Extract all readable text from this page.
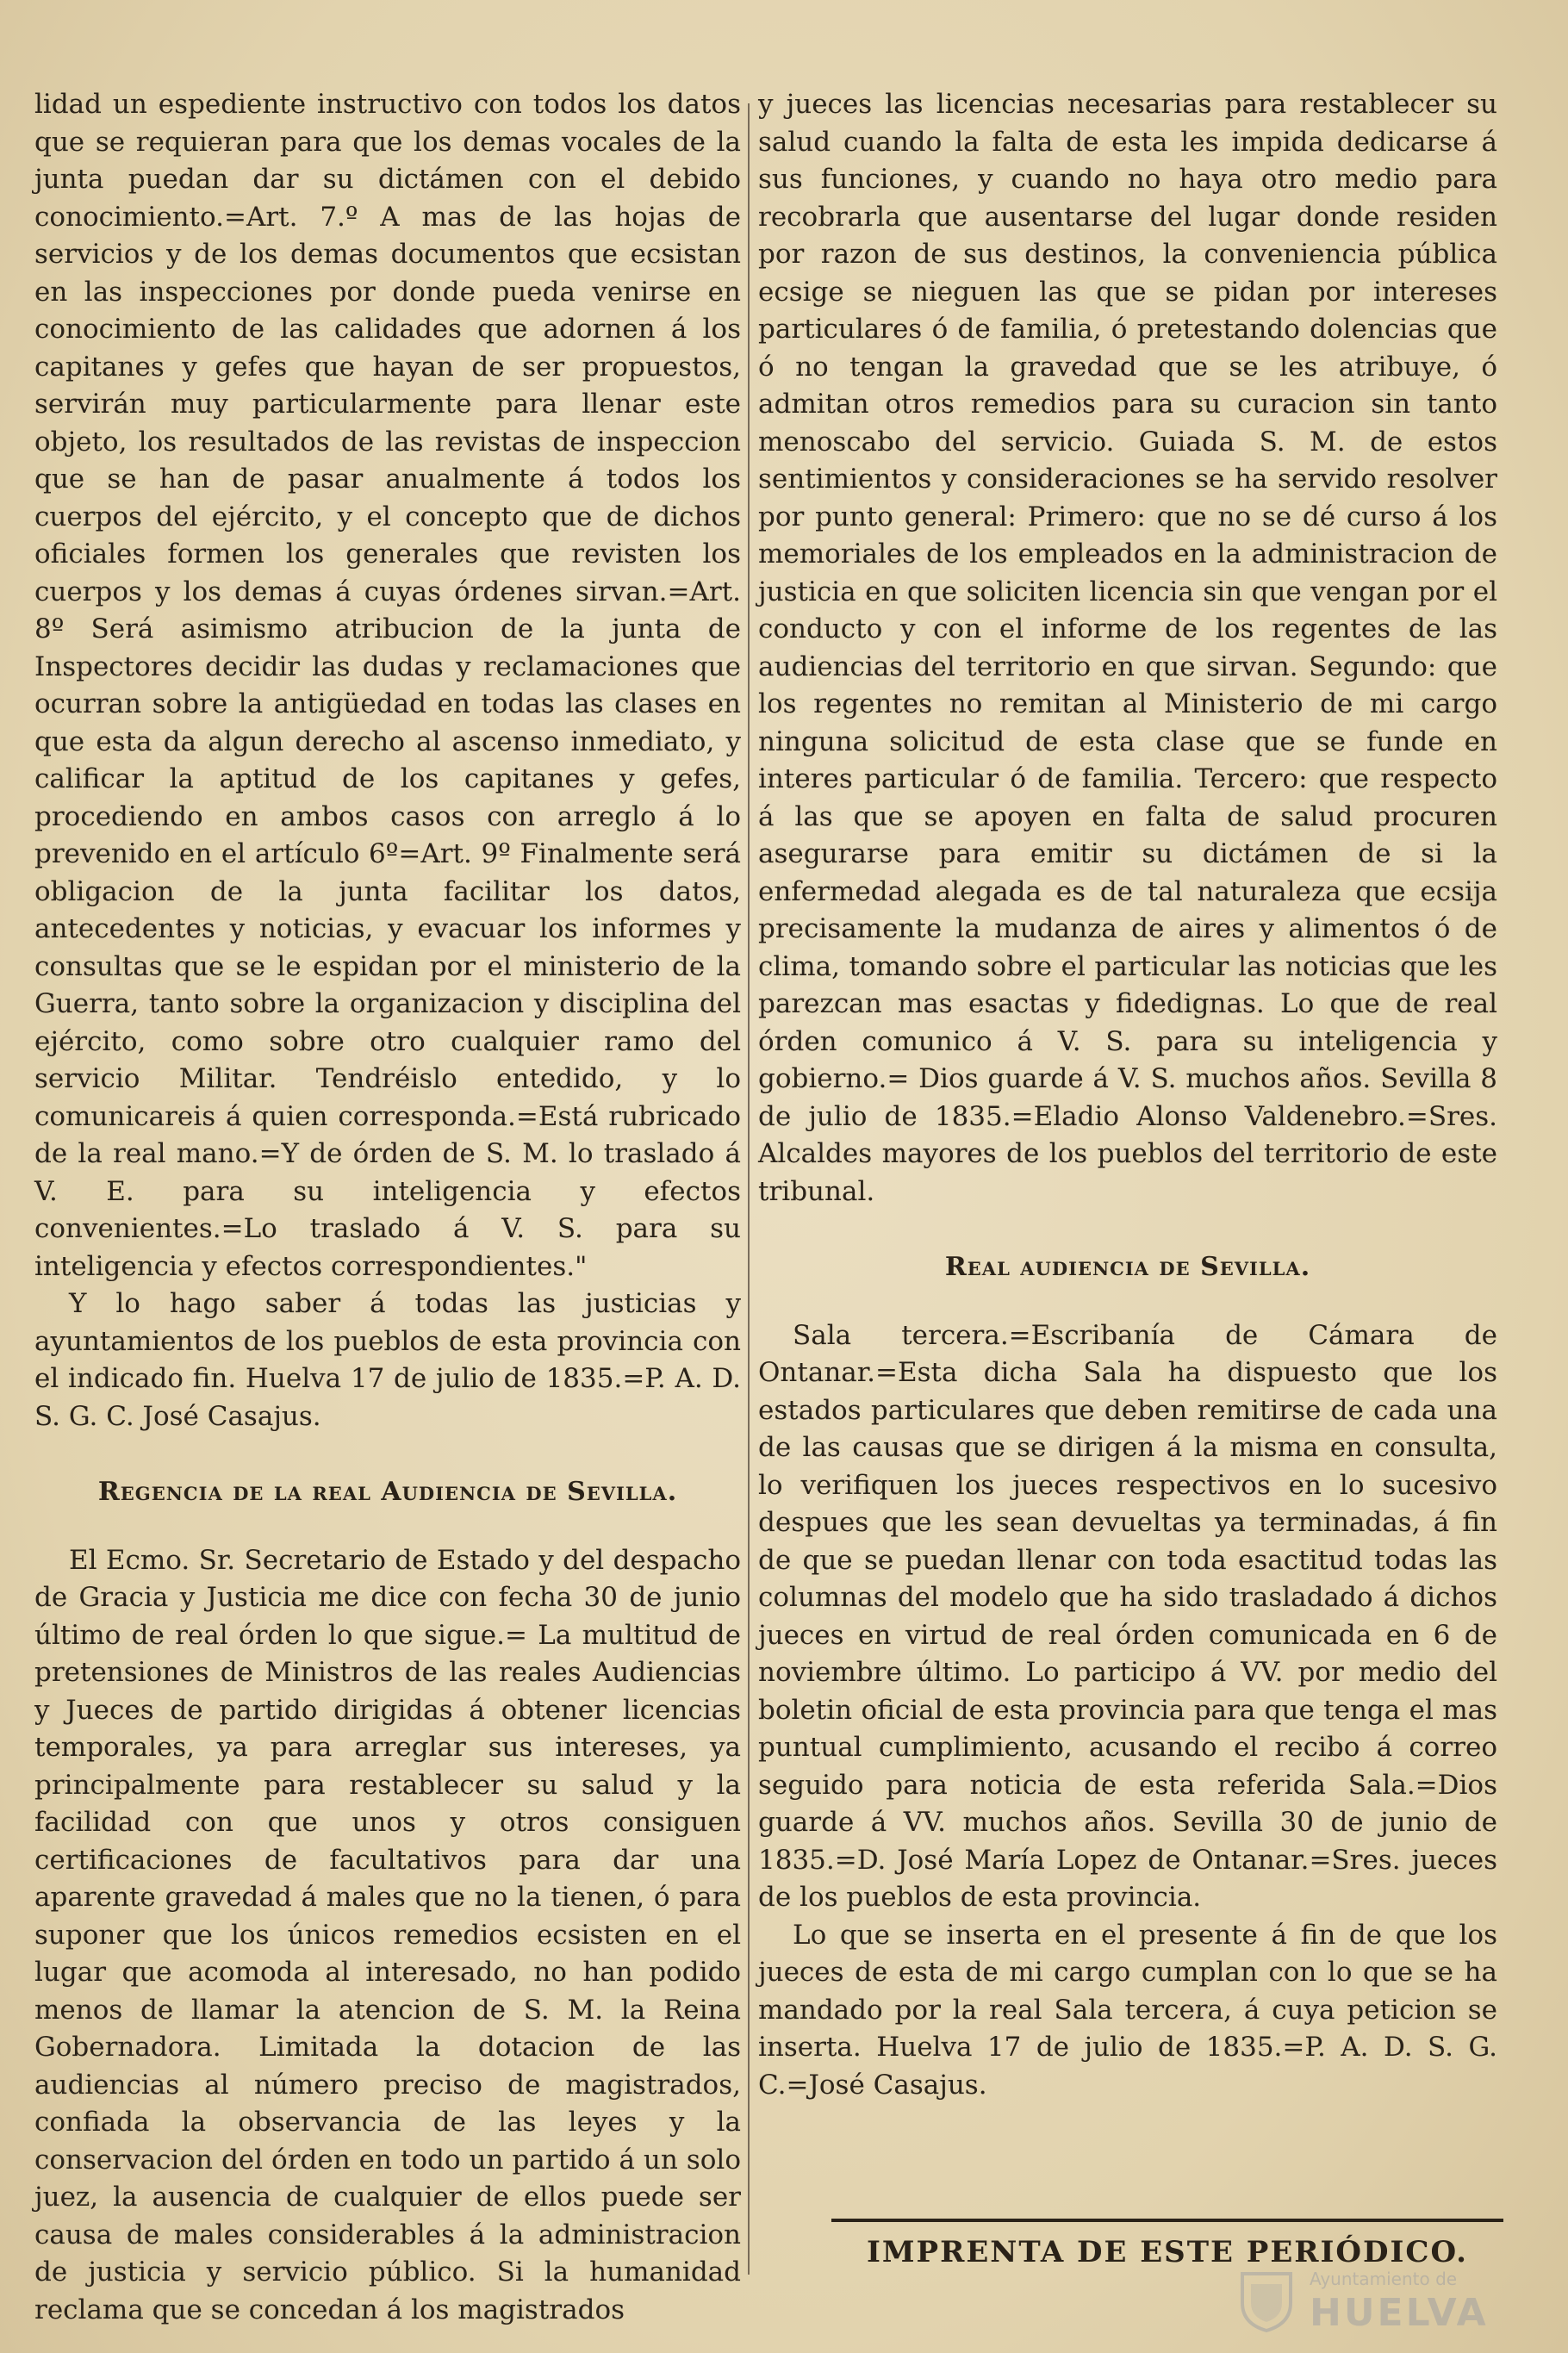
lidad un espediente instructivo con todos los datos que se requieran para que los demas vocales de la junta puedan dar su dictámen con el debido conocimiento.=Art. 7.º A mas de las hojas de servicios y de los demas documentos que ecsistan en las inspecciones por donde pueda venirse en conocimiento de las calidades que adornen á los capitanes y gefes que hayan de ser propuestos, servirán muy particularmente para llenar este objeto, los resultados de las revistas de inspeccion que se han de pasar anualmente á todos los cuerpos del ejército, y el concepto que de dichos oficiales formen los generales que revisten los cuerpos y los demas á cuyas órdenes sirvan.=Art. 8º Será asimismo atribucion de la junta de Inspectores decidir las dudas y reclamaciones que ocurran sobre la antigüedad en todas las clases en que esta da algun derecho al ascenso inmediato, y calificar la aptitud de los capitanes y gefes, procediendo en ambos casos con arreglo á lo prevenido en el artículo 6º=Art. 9º Finalmente será obligacion de la junta facilitar los datos, antecedentes y noticias, y evacuar los informes y consultas que se le espidan por el ministerio de la Guerra, tanto sobre la organizacion y disciplina del ejército, como sobre otro cualquier ramo del servicio Militar. Tendréislo entedido, y lo comunicareis á quien corresponda.=Está rubricado de la real mano.=Y de órden de S. M. lo traslado á V. E. para su inteligencia y efectos convenientes.=Lo traslado á V. S. para su inteligencia y efectos correspondientes."

Y lo hago saber á todas las justicias y ayuntamientos de los pueblos de esta provincia con el indicado fin. Huelva 17 de julio de 1835.=P. A. D. S. G. C. José Casajus.

Regencia de la real Audiencia de Sevilla.

El Ecmo. Sr. Secretario de Estado y del despacho de Gracia y Justicia me dice con fecha 30 de junio último de real órden lo que sigue.= La multitud de pretensiones de Ministros de las reales Audiencias y Jueces de partido dirigidas á obtener licencias temporales, ya para arreglar sus intereses, ya principalmente para restablecer su salud y la facilidad con que unos y otros consiguen certificaciones de facultativos para dar una aparente gravedad á males que no la tienen, ó para suponer que los únicos remedios ecsisten en el lugar que acomoda al interesado, no han podido menos de llamar la atencion de S. M. la Reina Gobernadora. Limitada la dotacion de las audiencias al número preciso de magistrados, confiada la observancia de las leyes y la conservacion del órden en todo un partido á un solo juez, la ausencia de cualquier de ellos puede ser causa de males considerables á la administracion de justicia y servicio público. Si la humanidad reclama que se concedan á los magistrados

y jueces las licencias necesarias para restablecer su salud cuando la falta de esta les impida dedicarse á sus funciones, y cuando no haya otro medio para recobrarla que ausentarse del lugar donde residen por razon de sus destinos, la conveniencia pública ecsige se nieguen las que se pidan por intereses particulares ó de familia, ó pretestando dolencias que ó no tengan la gravedad que se les atribuye, ó admitan otros remedios para su curacion sin tanto menoscabo del servicio. Guiada S. M. de estos sentimientos y consideraciones se ha servido resolver por punto general: Primero: que no se dé curso á los memoriales de los empleados en la administracion de justicia en que soliciten licencia sin que vengan por el conducto y con el informe de los regentes de las audiencias del territorio en que sirvan. Segundo: que los regentes no remitan al Ministerio de mi cargo ninguna solicitud de esta clase que se funde en interes particular ó de familia. Tercero: que respecto á las que se apoyen en falta de salud procuren asegurarse para emitir su dictámen de si la enfermedad alegada es de tal naturaleza que ecsija precisamente la mudanza de aires y alimentos ó de clima, tomando sobre el particular las noticias que les parezcan mas esactas y fidedignas. Lo que de real órden comunico á V. S. para su inteligencia y gobierno.= Dios guarde á V. S. muchos años. Sevilla 8 de julio de 1835.=Eladio Alonso Valdenebro.=Sres. Alcaldes mayores de los pueblos del territorio de este tribunal.

Real audiencia de Sevilla.

Sala tercera.=Escribanía de Cámara de Ontanar.=Esta dicha Sala ha dispuesto que los estados particulares que deben remitirse de cada una de las causas que se dirigen á la misma en consulta, lo verifiquen los jueces respectivos en lo sucesivo despues que les sean devueltas ya terminadas, á fin de que se puedan llenar con toda esactitud todas las columnas del modelo que ha sido trasladado á dichos jueces en virtud de real órden comunicada en 6 de noviembre último. Lo participo á VV. por medio del boletin oficial de esta provincia para que tenga el mas puntual cumplimiento, acusando el recibo á correo seguido para noticia de esta referida Sala.=Dios guarde á VV. muchos años. Sevilla 30 de junio de 1835.=D. José María Lopez de Ontanar.=Sres. jueces de los pueblos de esta provincia.

Lo que se inserta en el presente á fin de que los jueces de esta de mi cargo cumplan con lo que se ha mandado por la real Sala tercera, á cuya peticion se inserta. Huelva 17 de julio de 1835.=P. A. D. S. G. C.=José Casajus.

IMPRENTA DE ESTE PERIÓDICO.
Ayuntamiento de
HUELVA
